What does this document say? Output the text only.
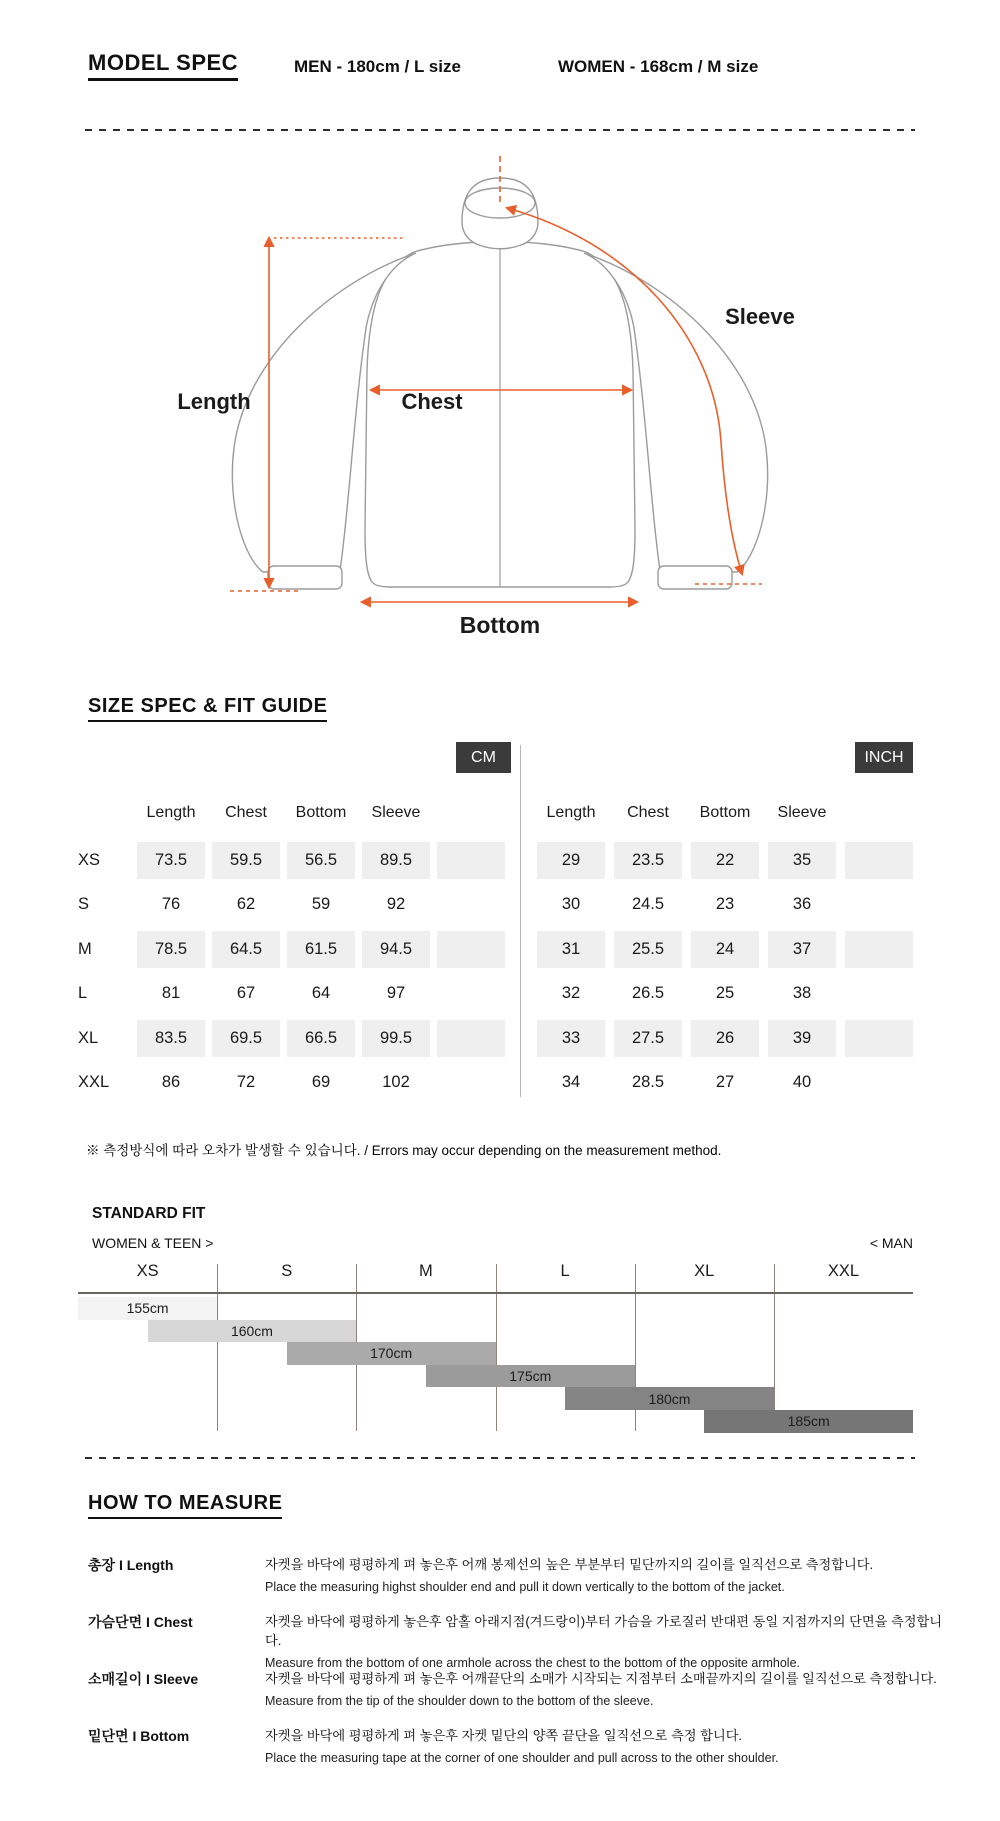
MODEL SPEC	MEN - 180cm / L size	WOMEN - 168cm / M size
Length	Chest
Sleeve
Bottom
SIZE SPEC & FIT GUIDE
CM	INCH
Length	Chest	Bottom	Sleeve
XS	73.5	59.5	56.5	89.5
S	76	62	59	92
M	78.5	64.5	61.5	94.5
L	81	67	64	97
XL	83.5	69.5	66.5	99.5
XXL	86	72	69	102
Length	Chest	Bottom	Sleeve
29	23.5	22	35
30	24.5	23	36
31	25.5	24	37
32	26.5	25	38
33	27.5	26	39
34	28.5	27	40
※ 측정방식에 따라 오차가 발생할 수 있습니다. / Errors may occur depending on the measurement method.
STANDARD FIT
WOMEN & TEEN >	< MAN
XS	S	M	L	XL	XXL
155cm
160cm
170cm
175cm
180cm
185cm
HOW TO MEASURE
총장 I Length	자켓을 바닥에 평평하게 펴 놓은후 어깨 봉제선의 높은 부분부터 밑단까지의 길이를 일직선으로 측정합니다.
Place the measuring highst shoulder end and pull it down vertically to the bottom of the jacket.
가슴단면 I Chest	자켓을 바닥에 평평하게 놓은후 암홀 아래지점(겨드랑이)부터 가슴을 가로질러 반대편 동일 지점까지의 단면을 측정합니다.
Measure from the bottom of one armhole across the chest to the bottom of the opposite armhole.
소매길이 I Sleeve	자켓을 바닥에 평평하게 펴 놓은후 어깨끝단의 소매가 시작되는 지점부터 소매끝까지의 길이를 일직선으로 측정합니다.
Measure from the tip of the shoulder down to the bottom of the sleeve.
밑단면 I Bottom	자켓을 바닥에 평평하게 펴 놓은후 자켓 밑단의 양쪽 끝단을 일직선으로 측정 합니다.
Place the measuring tape at the corner of one shoulder and pull across to the other shoulder.
